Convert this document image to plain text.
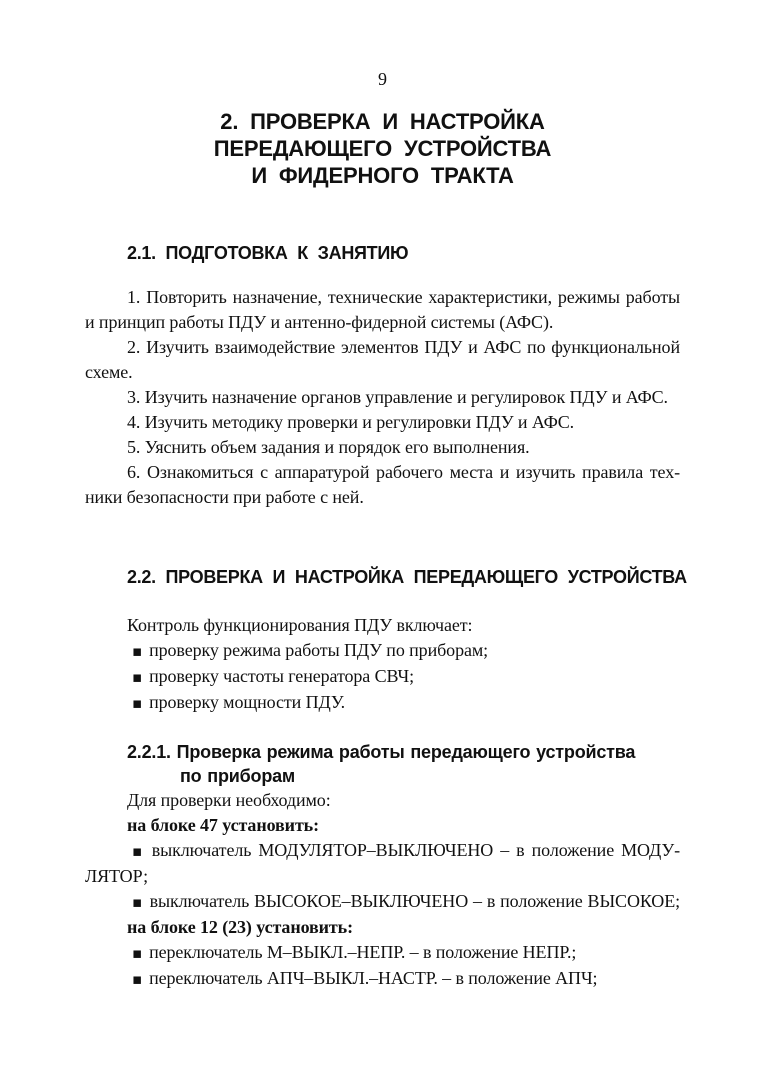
9
2. ПРОВЕРКА И НАСТРОЙКА
ПЕРЕДАЮЩЕГО УСТРОЙСТВА
И ФИДЕРНОГО ТРАКТА
2.1. ПОДГОТОВКА К ЗАНЯТИЮ

1. Повторить назначение, технические характеристики, режимы работы
и принцип работы ПДУ и антенно-фидерной системы (АФС).

2. Изучить взаимодействие элементов ПДУ и АФС по функциональной
схеме.

3. Изучить назначение органов управление и регулировок ПДУ и АФС.

4. Изучить методику проверки и регулировки ПДУ и АФС.

5. Уяснить объем задания и порядок его выполнения.

6. Ознакомиться с аппаратурой рабочего места и изучить правила тех-
ники безопасности при работе с ней.

2.2. ПРОВЕРКА И НАСТРОЙКА ПЕРЕДАЮЩЕГО УСТРОЙСТВА

Контроль функционирования ПДУ включает:

▪ проверку режима работы ПДУ по приборам;

▪ проверку частоты генератора СВЧ;

▪ проверку мощности ПДУ.

2.2.1. Проверка режима работы передающего устройства
по приборам

Для проверки необходимо:

на блоке 47 установить:

▪ выключатель МОДУЛЯТОР–ВЫКЛЮЧЕНО – в положение МОДУ-
ЛЯТОР;

▪ выключатель ВЫСОКОЕ–ВЫКЛЮЧЕНО – в положение ВЫСОКОЕ;

на блоке 12 (23) установить:

▪ переключатель М–ВЫКЛ.–НЕПР. – в положение НЕПР.;

▪ переключатель АПЧ–ВЫКЛ.–НАСТР. – в положение АПЧ;
